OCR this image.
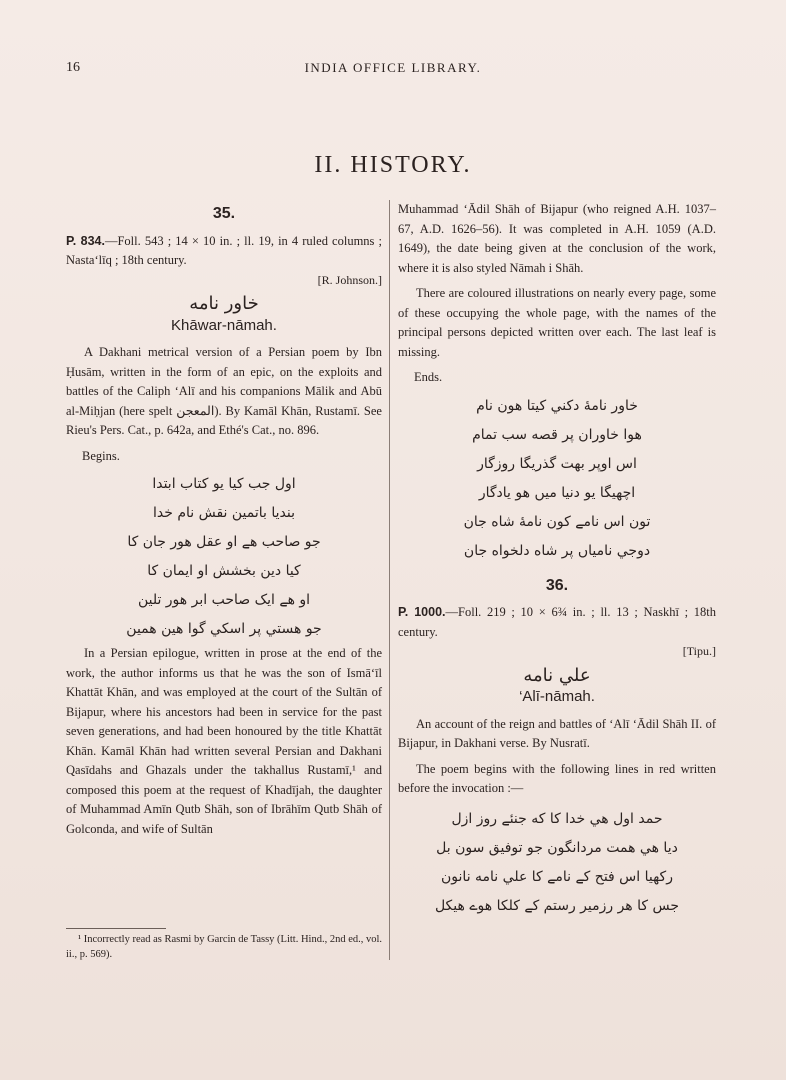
16	INDIA OFFICE LIBRARY.
II. HISTORY.
35.

P. 834.—Foll. 543 ; 14 × 10 in. ; ll. 19, in 4 ruled columns ; Nasta‘līq ; 18th century.

[R. Johnson.]

خاور نامه
Khāwar-nāmah.

A Dakhani metrical version of a Persian poem by Ibn Ḥusām, written in the form of an epic, on the exploits and battles of the Caliph ‘Alī and his companions Mālik and Abū al-Miḥjan (here spelt المعجن). By Kamāl Khān, Rustamī. See Rieu's Pers. Cat., p. 642a, and Ethé's Cat., no. 896.

Begins.
اول جب کیا یو کتاب ابتدا
بندیا باتمین نقش نام خدا
جو صاحب هے او عقل هور جان کا
کیا دین بخشش او ایمان کا
او هے ایک صاحب ابر هور تلین
جو هستي پر اسکي گوا هين همين

In a Persian epilogue, written in prose at the end of the work, the author informs us that he was the son of Ismā‘īl Khattāt Khān, and was employed at the court of the Sultān of Bijapur, where his ancestors had been in service for the past seven generations, and had been honoured by the title Khattāt Khān. Kamāl Khān had written several Persian and Dakhani Qasīdahs and Ghazals under the takhallus Rustamī,¹ and composed this poem at the request of Khadījah, the daughter of Muhammad Amīn Qutb Shāh, son of Ibrāhīm Qutb Shāh of Golconda, and wife of Sultān

Muhammad ‘Ādil Shāh of Bijapur (who reigned A.H. 1037–67, A.D. 1626–56). It was completed in A.H. 1059 (A.D. 1649), the date being given at the conclusion of the work, where it is also styled Nāmah i Shāh.

There are coloured illustrations on nearly every page, some of these occupying the whole page, with the names of the principal persons depicted written over each. The last leaf is missing.

Ends.
خاور نامهٔ دکني کیتا هون نام
هوا خاوران پر قصه سب تمام
اس اوپر بهت گذریگا روزگار
اچهیگا یو دنیا میں هو یادگار
تون اس نامے کون نامهٔ شاه جان
دوجي نامیاں پر شاه دلخواه جان
36.

P. 1000.—Foll. 219 ; 10 × 6¾ in. ; ll. 13 ; Naskhī ; 18th century.

[Tipu.]

علي نامه
‘Alī-nāmah.

An account of the reign and battles of ‘Alī ‘Ādil Shāh II. of Bijapur, in Dakhani verse. By Nusratī.

The poem begins with the following lines in red written before the invocation :—

حمد اول هي خدا کا که جنئے روز ازل
دیا هي همت مردانگون جو توفیق سون بل
رکهیا اس فتح کے نامے کا علي نامه نانون
جس کا هر رزمیر رستم کے کلکا هوے هیکل
¹ Incorrectly read as Rasmi by Garcin de Tassy (Litt. Hind., 2nd ed., vol. ii., p. 569).
